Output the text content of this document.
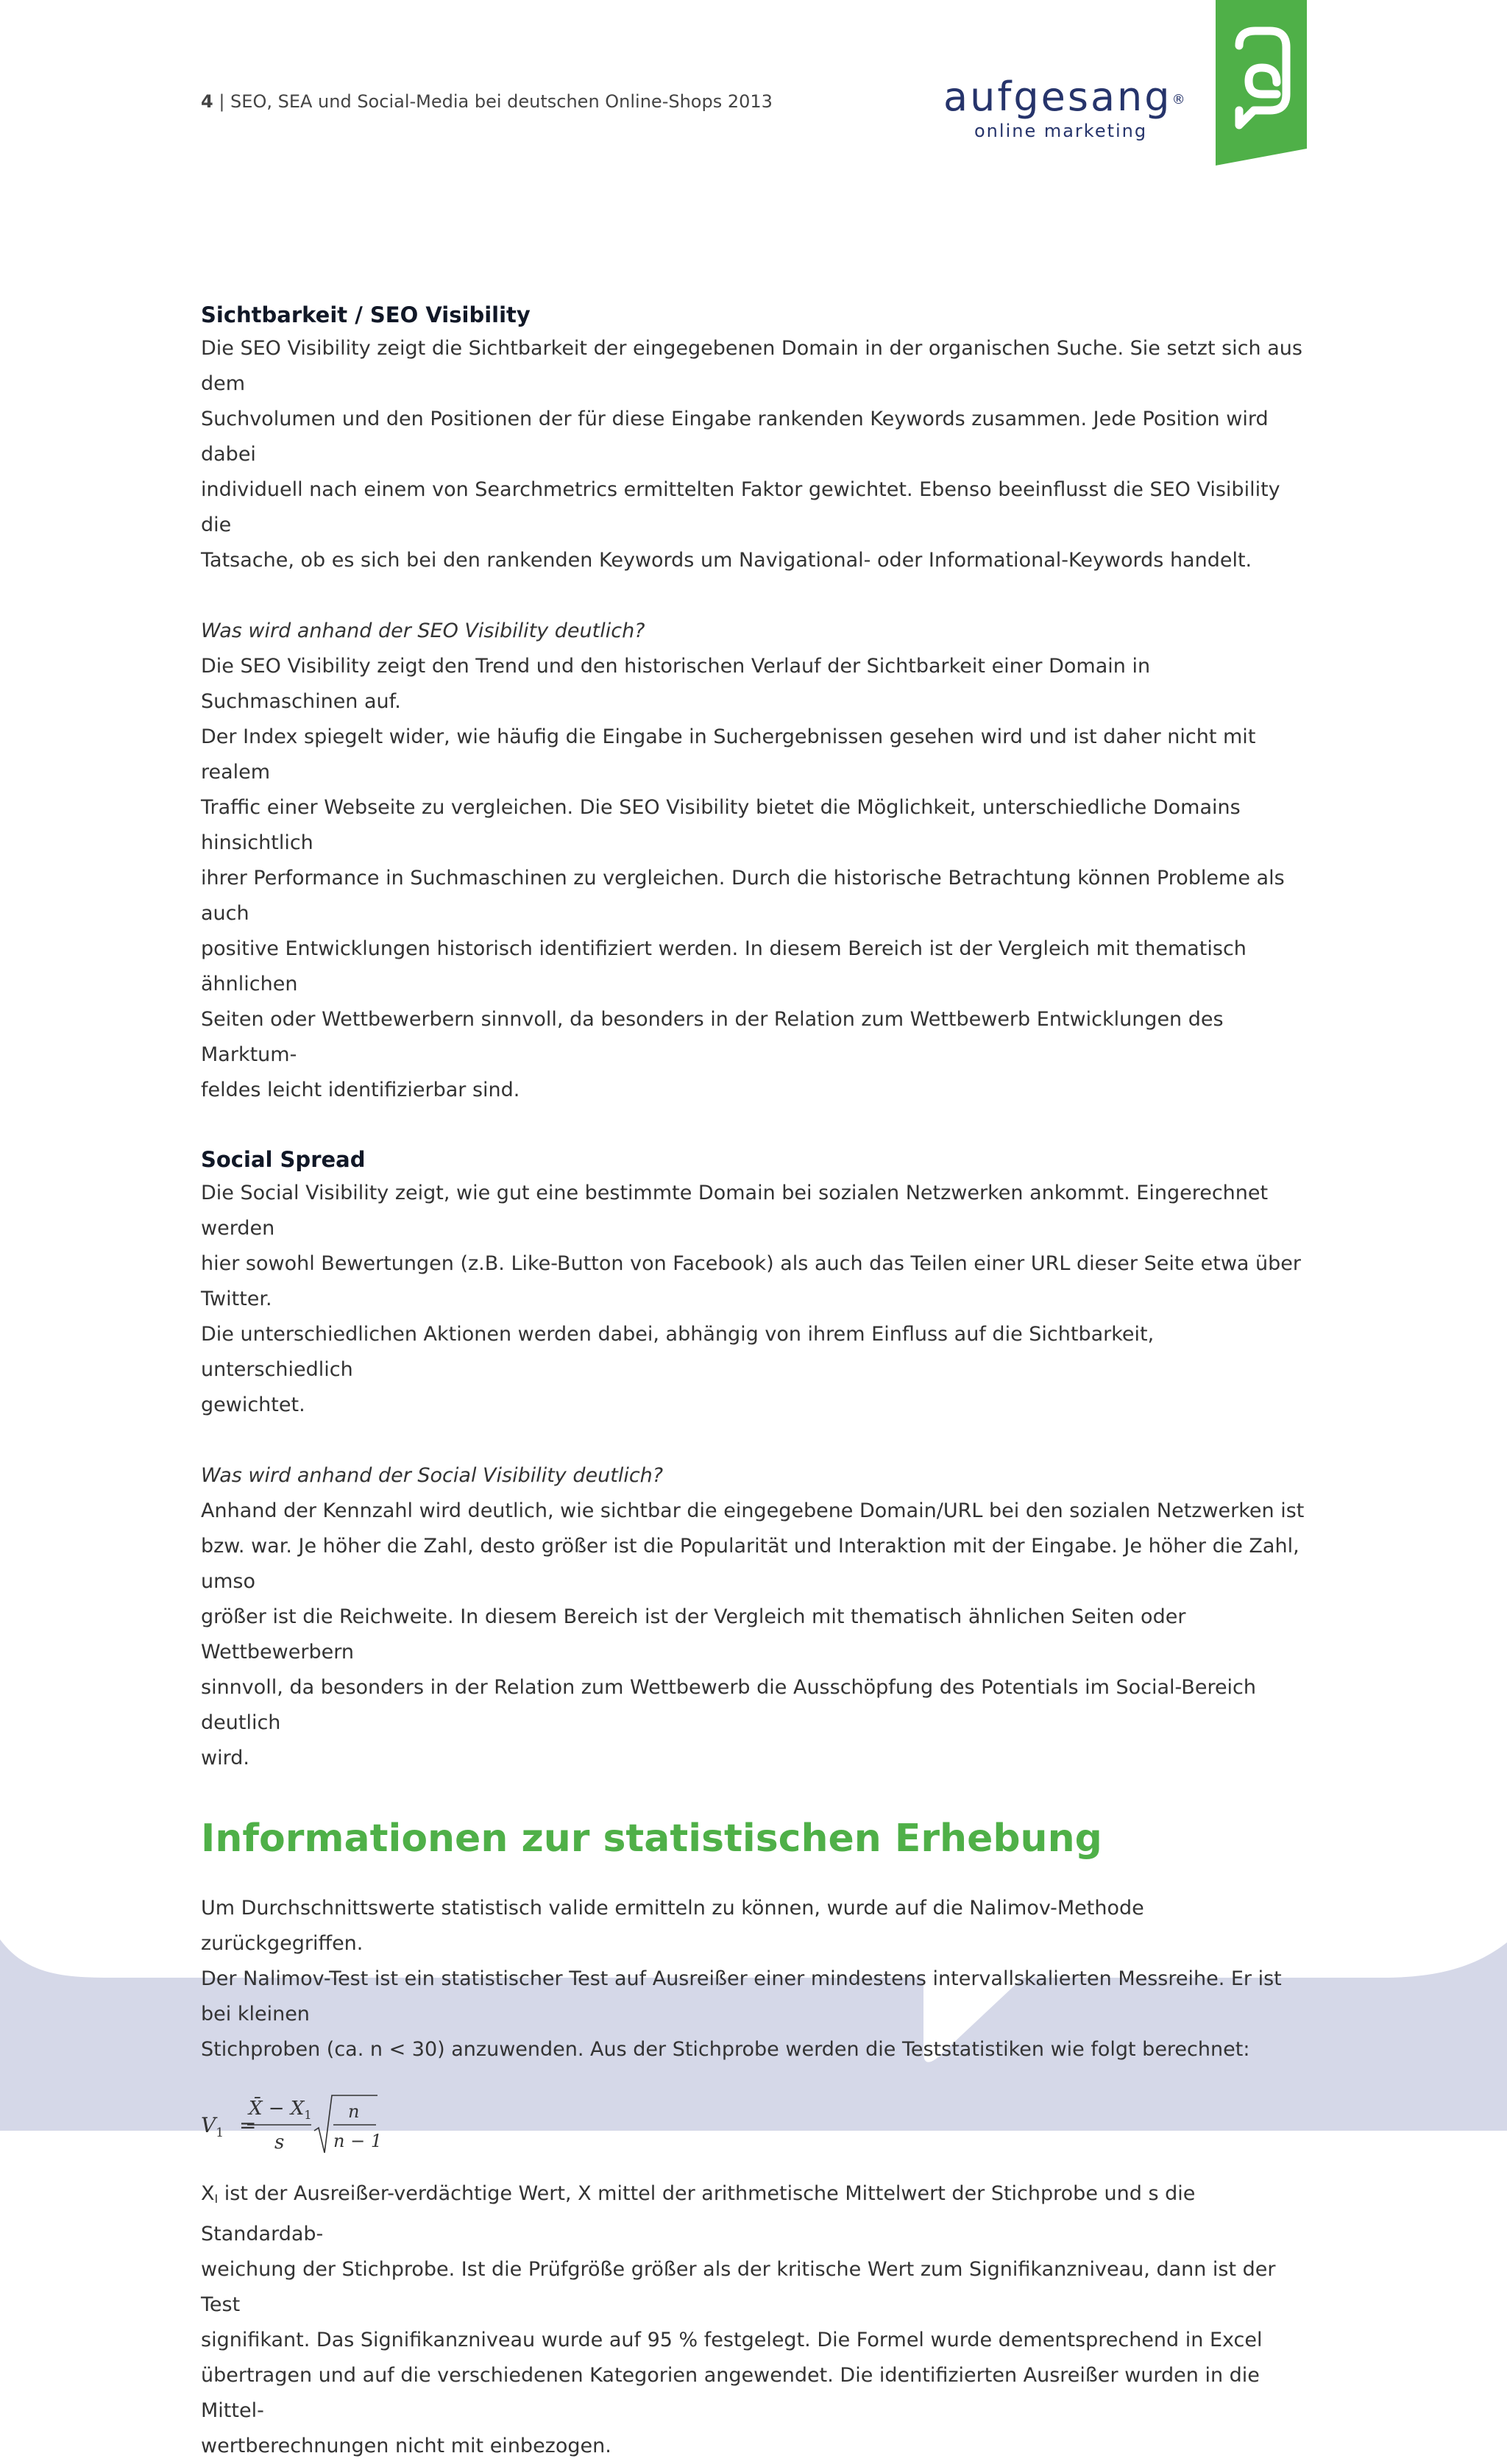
4 | SEO, SEA und Social-Media bei deutschen Online-Shops 2013	aufgesang®
online marketing
Sichtbarkeit / SEO Visibility
Die SEO Visibility zeigt die Sichtbarkeit der eingegebenen Domain in der organischen Suche. Sie setzt sich aus dem
Suchvolumen und den Positionen der für diese Eingabe rankenden Keywords zusammen. Jede Position wird dabei
individuell nach einem von Searchmetrics ermittelten Faktor gewichtet. Ebenso beeinflusst die SEO Visibility die
Tatsache, ob es sich bei den rankenden Keywords um Navigational- oder Informational-Keywords handelt.
Was wird anhand der SEO Visibility deutlich?
Die SEO Visibility zeigt den Trend und den historischen Verlauf der Sichtbarkeit einer Domain in Suchmaschinen auf.
Der Index spiegelt wider, wie häufig die Eingabe in Suchergebnissen gesehen wird und ist daher nicht mit realem
Traffic einer Webseite zu vergleichen. Die SEO Visibility bietet die Möglichkeit, unterschiedliche Domains hinsichtlich
ihrer Performance in Suchmaschinen zu vergleichen. Durch die historische Betrachtung können Probleme als auch
positive Entwicklungen historisch identifiziert werden. In diesem Bereich ist der Vergleich mit thematisch ähnlichen
Seiten oder Wettbewerbern sinnvoll, da besonders in der Relation zum Wettbewerb Entwicklungen des Marktum-
feldes leicht identifizierbar sind.
Social Spread
Die Social Visibility zeigt, wie gut eine bestimmte Domain bei sozialen Netzwerken ankommt. Eingerechnet werden
hier sowohl Bewertungen (z.B. Like-Button von Facebook) als auch das Teilen einer URL dieser Seite etwa über Twitter.
Die unterschiedlichen Aktionen werden dabei, abhängig von ihrem Einfluss auf die Sichtbarkeit, unterschiedlich
gewichtet.
Was wird anhand der Social Visibility deutlich?
Anhand der Kennzahl wird deutlich, wie sichtbar die eingegebene Domain/URL bei den sozialen Netzwerken ist
bzw. war. Je höher die Zahl, desto größer ist die Popularität und Interaktion mit der Eingabe. Je höher die Zahl, umso
größer ist die Reichweite. In diesem Bereich ist der Vergleich mit thematisch ähnlichen Seiten oder Wettbewerbern
sinnvoll, da besonders in der Relation zum Wettbewerb die Ausschöpfung des Potentials im Social-Bereich deutlich
wird.
Informationen zur statistischen Erhebung
Um Durchschnittswerte statistisch valide ermitteln zu können, wurde auf die Nalimov-Methode zurückgegriffen.
Der Nalimov-Test ist ein statistischer Test auf Ausreißer einer mindestens intervallskalierten Messreihe. Er ist bei kleinen
Stichproben (ca. n < 30) anzuwenden. Aus der Stichprobe werden die Teststatistiken wie folgt berechnet:
$V_1$ =
X̄ − $X_1$
s
n
n − 1
$X_I$ ist der Ausreißer-verdächtige Wert, X mittel der arithmetische Mittelwert der Stichprobe und s die Standardab-
weichung der Stichprobe. Ist die Prüfgröße größer als der kritische Wert zum Signifikanzniveau, dann ist der Test
signifikant. Das Signifikanzniveau wurde auf 95 % festgelegt. Die Formel wurde dementsprechend in Excel
übertragen und auf die verschiedenen Kategorien angewendet. Die identifizierten Ausreißer wurden in die Mittel-
wertberechnungen nicht mit einbezogen.
